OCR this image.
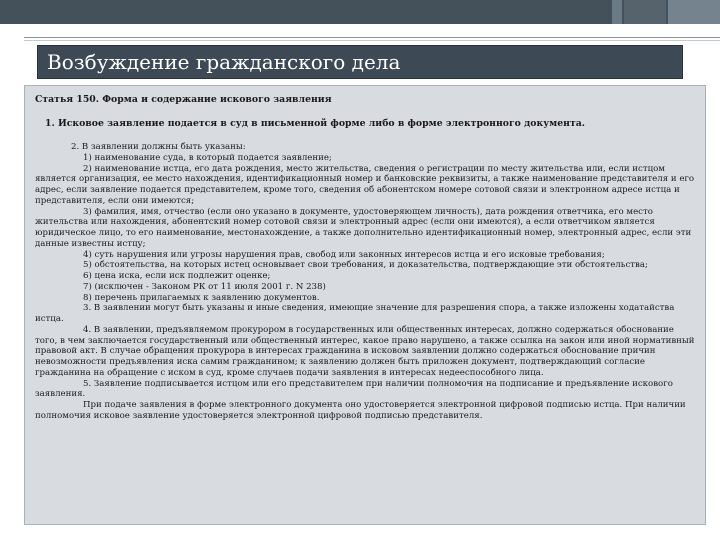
Возбуждение гражданского дела
Статья 150. Форма и содержание искового заявления
1. Исковое заявление подается в суд в письменной форме либо в форме электронного документа.
2. В заявлении должны быть указаны:
1) наименование суда, в который подается заявление;
2) наименование истца, его дата рождения, место жительства, сведения о регистрации по месту жительства или, если истцом является организация, ее место нахождения, идентификационный номер и банковские реквизиты, а также наименование представителя и его адрес, если заявление подается представителем, кроме того, сведения об абонентском номере сотовой связи и электронном адресе истца и представителя, если они имеются;
3) фамилия, имя, отчество (если оно указано в документе, удостоверяющем личность), дата рождения ответчика, его место жительства или нахождения, абонентский номер сотовой связи и электронный адрес (если они имеются), а если ответчиком является юридическое лицо, то его наименование, местонахождение, а также дополнительно идентификационный номер, электронный адрес, если эти данные известны истцу;
4) суть нарушения или угрозы нарушения прав, свобод или законных интересов истца и его исковые требования;
5) обстоятельства, на которых истец основывает свои требования, и доказательства, подтверждающие эти обстоятельства;
6) цена иска, если иск подлежит оценке;
7) (исключен - Законом РК от 11 июля 2001 г. N 238)
8) перечень прилагаемых к заявлению документов.
3. В заявлении могут быть указаны и иные сведения, имеющие значение для разрешения спора, а также изложены ходатайства истца.
4. В заявлении, предъявляемом прокурором в государственных или общественных интересах, должно содержаться обоснование того, в чем заключается государственный или общественный интерес, какое право нарушено, а также ссылка на закон или иной нормативный правовой акт. В случае обращения прокурора в интересах гражданина в исковом заявлении должно содержаться обоснование причин невозможности предъявления иска самим гражданином; к заявлению должен быть приложен документ, подтверждающий согласие гражданина на обращение с иском в суд, кроме случаев подачи заявления в интересах недееспособного лица.
5. Заявление подписывается истцом или его представителем при наличии полномочия на подписание и предъявление искового заявления.
При подаче заявления в форме электронного документа оно удостоверяется электронной цифровой подписью истца. При наличии полномочия исковое заявление удостоверяется электронной цифровой подписью представителя.
